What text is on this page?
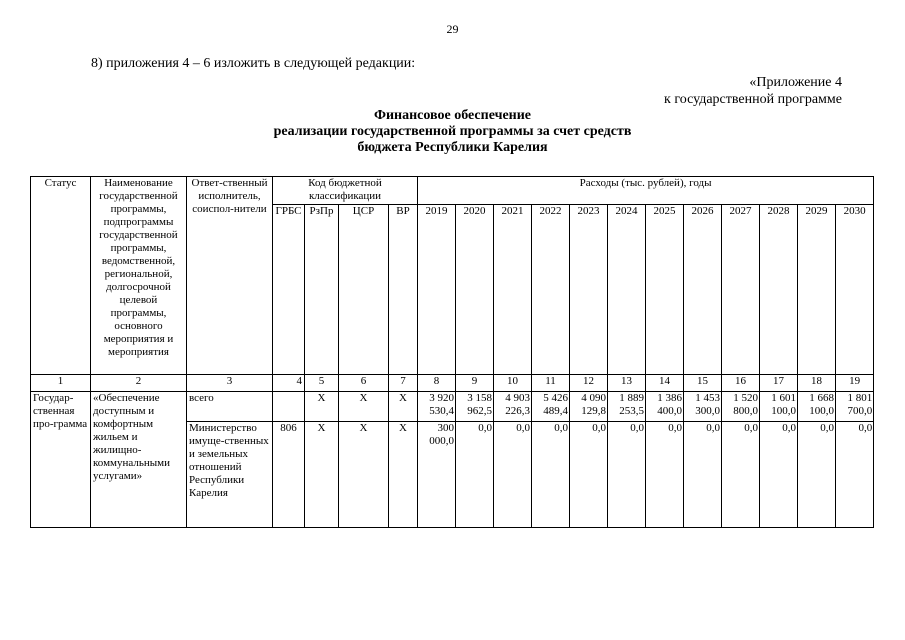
29
8) приложения 4 – 6 изложить в следующей редакции:
«Приложение 4
к государственной программе
Финансовое обеспечение
реализации государственной программы за счет средств
бюджета Республики Карелия
Статус	Наименование государственной программы, подпрограммы государственной программы, ведомственной, региональной, долгосрочной целевой программы, основного мероприятия и мероприятия	Ответ-ственный исполнитель, соиспол-нители	Код бюджетной классификации				Расходы (тыс. рублей), годы											
			ГРБС	РзПр	ЦСР	ВР	2019	2020	2021	2022	2023	2024	2025	2026	2027	2028	2029	2030
1	2	3	4	5	6	7	8	9	10	11	12	13	14	15	16	17	18	19
Государ-ственная про-грамма	«Обеспечение доступным и комфортным жильем и жилищно-коммунальными услугами»	всего		Х	Х	Х	3 920 530,4	3 158 962,5	4 903 226,3	5 426 489,4	4 090 129,8	1 889 253,5	1 386 400,0	1 453 300,0	1 520 800,0	1 601 100,0	1 668 100,0	1 801 700,0
		Министерство имуще-ственных и земельных отношений Республики Карелия	806	Х	Х	Х	300 000,0	0,0	0,0	0,0	0,0	0,0	0,0	0,0	0,0	0,0	0,0	0,0
